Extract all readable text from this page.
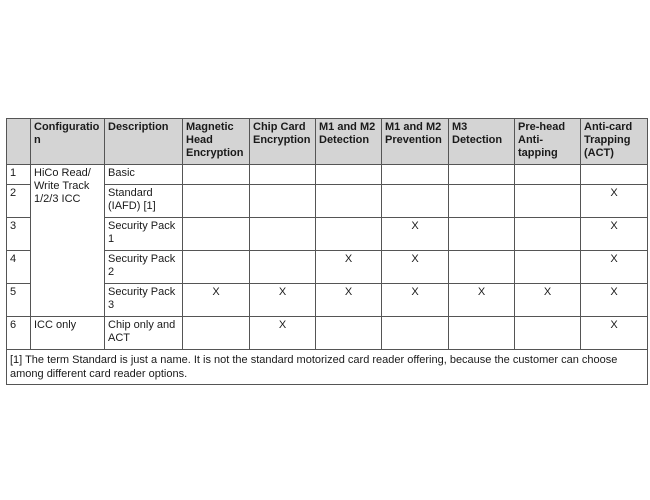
	Configuratio n	Description	Magnetic Head Encryption	Chip Card Encryption	M1 and M2 Detection	M1 and M2 Prevention	M3 Detection	Pre-head Anti-tapping	Anti-card Trapping (ACT)
1	HiCo Read/ Write Track 1/2/3 ICC	Basic							
2		Standard (IAFD) [1]							X
3		Security Pack 1				X			X
4		Security Pack 2			X	X			X
5		Security Pack 3	X	X	X	X	X	X	X
6	ICC only	Chip only and ACT		X					X
[1] The term Standard is just a name. It is not the standard motorized card reader offering, because the customer can choose among different card reader options.									
